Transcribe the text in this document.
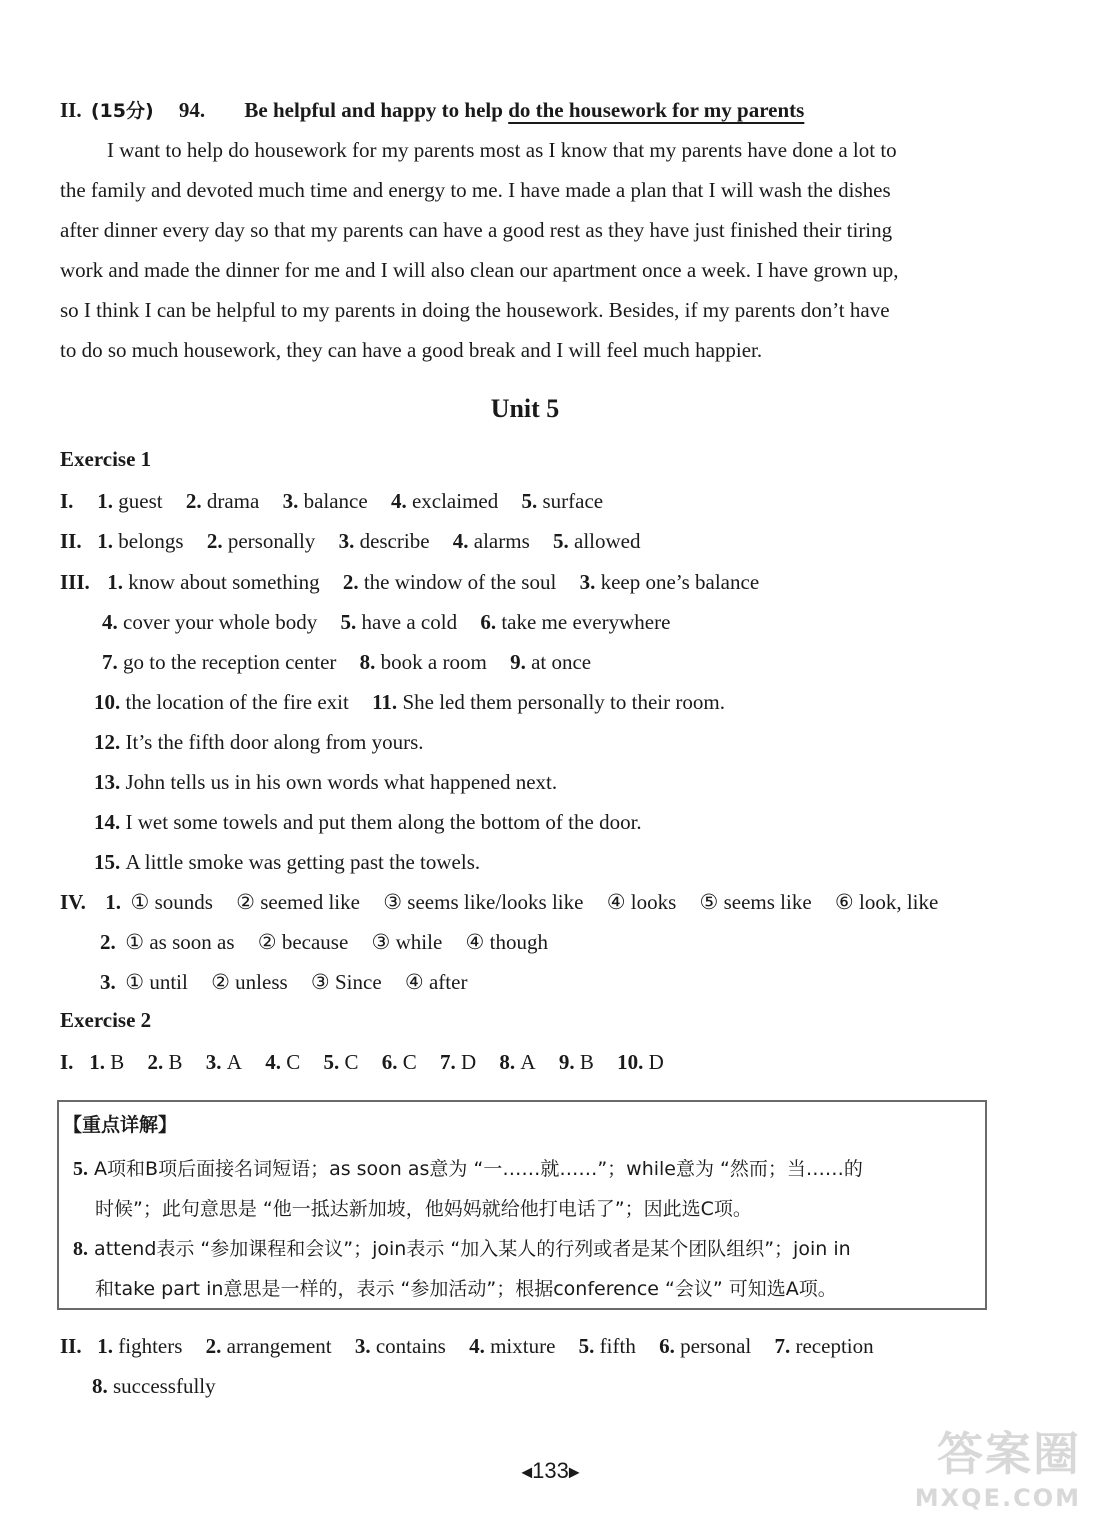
II. (15分) 94. Be helpful and happy to help do the housework for my parents
I want to help do housework for my parents most as I know that my parents have done a lot to
the family and devoted much time and energy to me. I have made a plan that I will wash the dishes
after dinner every day so that my parents can have a good rest as they have just finished their tiring
work and made the dinner for me and I will also clean our apartment once a week. I have grown up,
so I think I can be helpful to my parents in doing the housework. Besides, if my parents don’t have
to do so much housework, they can have a good break and I will feel much happier.
Unit 5
Exercise 1
I. 1. guest 2. drama 3. balance 4. exclaimed 5. surface
II. 1. belongs 2. personally 3. describe 4. alarms 5. allowed
III. 1. know about something 2. the window of the soul 3. keep one’s balance
4. cover your whole body 5. have a cold 6. take me everywhere
7. go to the reception center 8. book a room 9. at once
10. the location of the fire exit 11. She led them personally to their room.
12. It’s the fifth door along from yours.
13. John tells us in his own words what happened next.
14. I wet some towels and put them along the bottom of the door.
15. A little smoke was getting past the towels.
IV. 1. ① sounds ② seemed like ③ seems like/looks like ④ looks ⑤ seems like ⑥ look, like
2. ① as soon as ② because ③ while ④ though
3. ① until ② unless ③ Since ④ after
Exercise 2
I. 1. B 2. B 3. A 4. C 5. C 6. C 7. D 8. A 9. B 10. D
【重点详解】
5. A项和B项后面接名词短语；as soon as意为 “一……就……”；while意为 “然而；当……的
时候”；此句意思是 “他一抵达新加坡，他妈妈就给他打电话了”；因此选C项。
8. attend表示 “参加课程和会议”；join表示 “加入某人的行列或者是某个团队组织”；join in
和take part in意思是一样的，表示 “参加活动”；根据conference “会议” 可知选A项。
II. 1. fighters 2. arrangement 3. contains 4. mixture 5. fifth 6. personal 7. reception
8. successfully
◀133▶	答案圈
MXQE.COM
